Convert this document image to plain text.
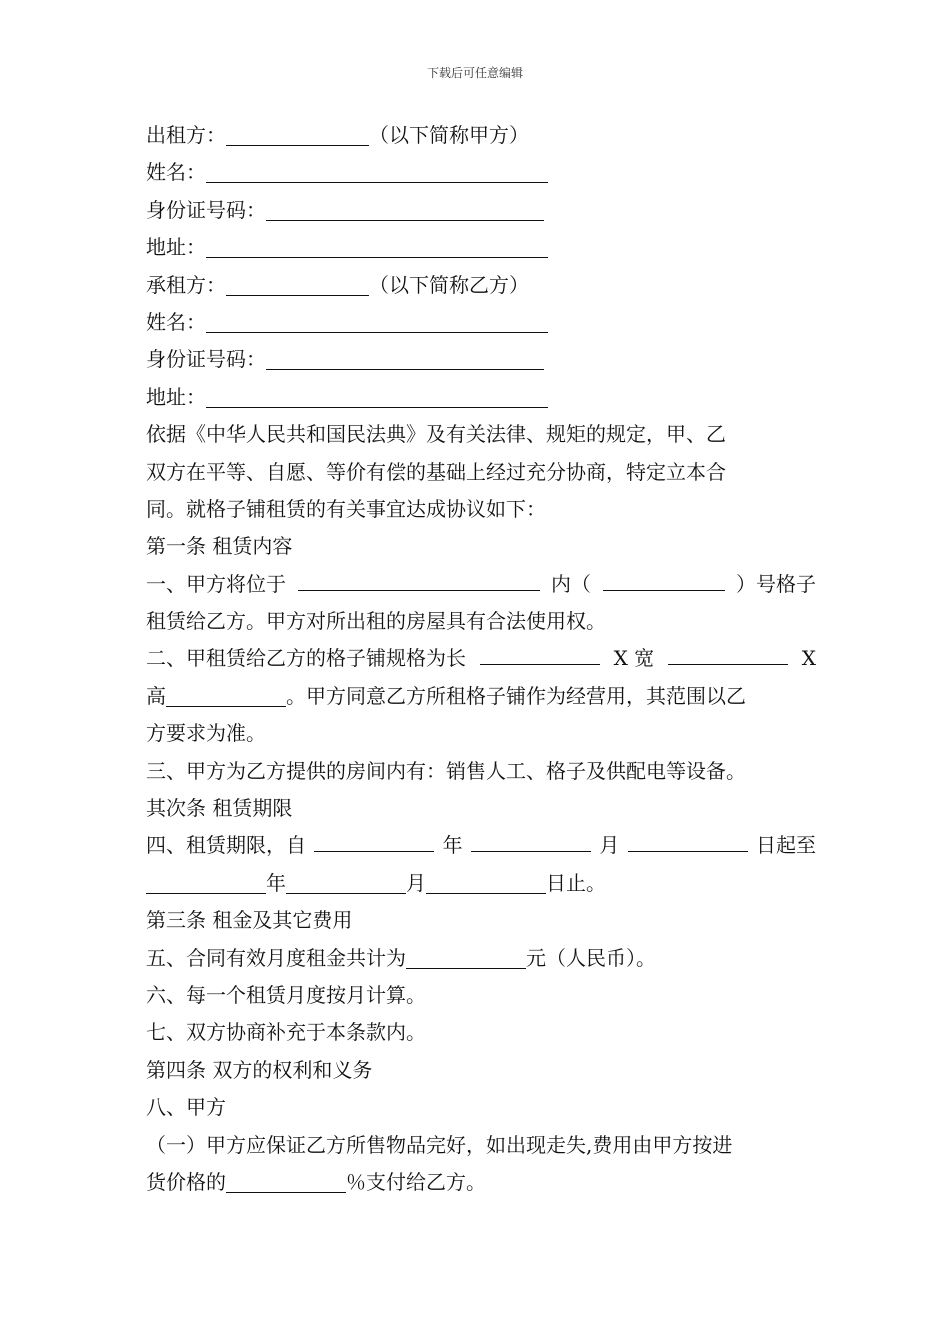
下载后可任意编辑
出租方：	（以下简称甲方）
姓名：
身份证号码：
地址：
承租方：	（以下简称乙方）
姓名：
身份证号码：
地址：
依据《中华人民共和国民法典》及有关法律、规矩的规定，甲、乙
双方在平等、自愿、等价有偿的基础上经过充分协商，特定立本合
同。就格子铺租赁的有关事宜达成协议如下：
第一条 租赁内容
一、甲方将位于	内（	）号格子
租赁给乙方。甲方对所出租的房屋具有合法使用权。
二、甲租赁给乙方的格子铺规格为长	X 宽	X
高	。甲方同意乙方所租格子铺作为经营用，其范围以乙
方要求为准。
三、甲方为乙方提供的房间内有：销售人工、格子及供配电等设备。
其次条 租赁期限
四、租赁期限，自	年	月	日起至
年	月	日止。
第三条 租金及其它费用
五、合同有效月度租金共计为	元（人民币）。
六、每一个租赁月度按月计算。
七、双方协商补充于本条款内。
第四条 双方的权利和义务
八、甲方
（一）甲方应保证乙方所售物品完好，如出现走失,费用由甲方按进
货价格的	％支付给乙方。
